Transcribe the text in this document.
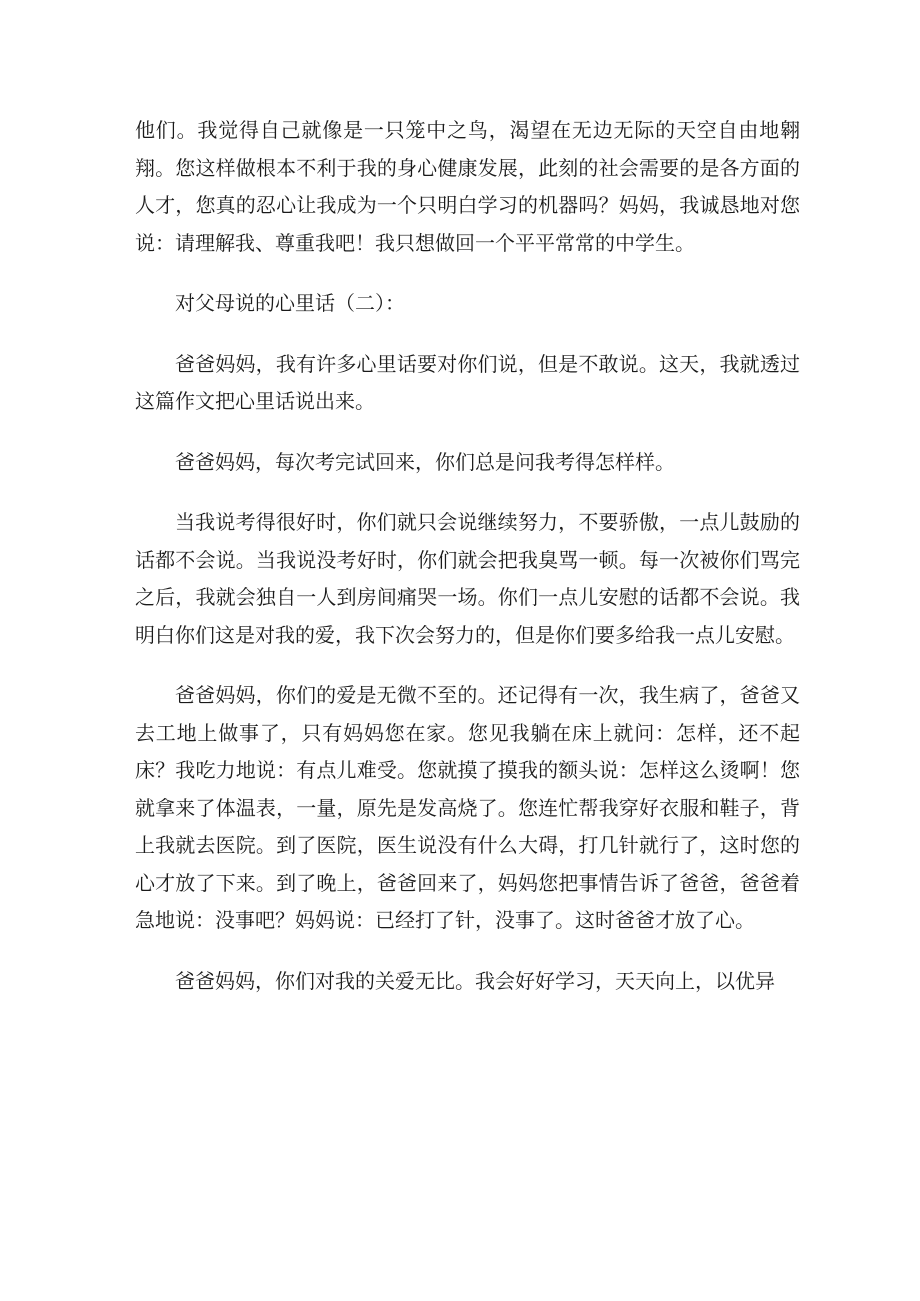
他们。我觉得自己就像是一只笼中之鸟，渴望在无边无际的天空自由地翱翔。您这样做根本不利于我的身心健康发展，此刻的社会需要的是各方面的人才，您真的忍心让我成为一个只明白学习的机器吗？妈妈，我诚恳地对您说：请理解我、尊重我吧！我只想做回一个平平常常的中学生。

对父母说的心里话（二）：

爸爸妈妈，我有许多心里话要对你们说，但是不敢说。这天，我就透过这篇作文把心里话说出来。

爸爸妈妈，每次考完试回来，你们总是问我考得怎样样。

当我说考得很好时，你们就只会说继续努力，不要骄傲，一点儿鼓励的话都不会说。当我说没考好时，你们就会把我臭骂一顿。每一次被你们骂完之后，我就会独自一人到房间痛哭一场。你们一点儿安慰的话都不会说。我明白你们这是对我的爱，我下次会努力的，但是你们要多给我一点儿安慰。

爸爸妈妈，你们的爱是无微不至的。还记得有一次，我生病了，爸爸又去工地上做事了，只有妈妈您在家。您见我躺在床上就问：怎样，还不起床？我吃力地说：有点儿难受。您就摸了摸我的额头说：怎样这么烫啊！您就拿来了体温表，一量，原先是发高烧了。您连忙帮我穿好衣服和鞋子，背上我就去医院。到了医院，医生说没有什么大碍，打几针就行了，这时您的心才放了下来。到了晚上，爸爸回来了，妈妈您把事情告诉了爸爸，爸爸着急地说：没事吧？妈妈说：已经打了针，没事了。这时爸爸才放了心。

爸爸妈妈，你们对我的关爱无比。我会好好学习，天天向上，以优异
